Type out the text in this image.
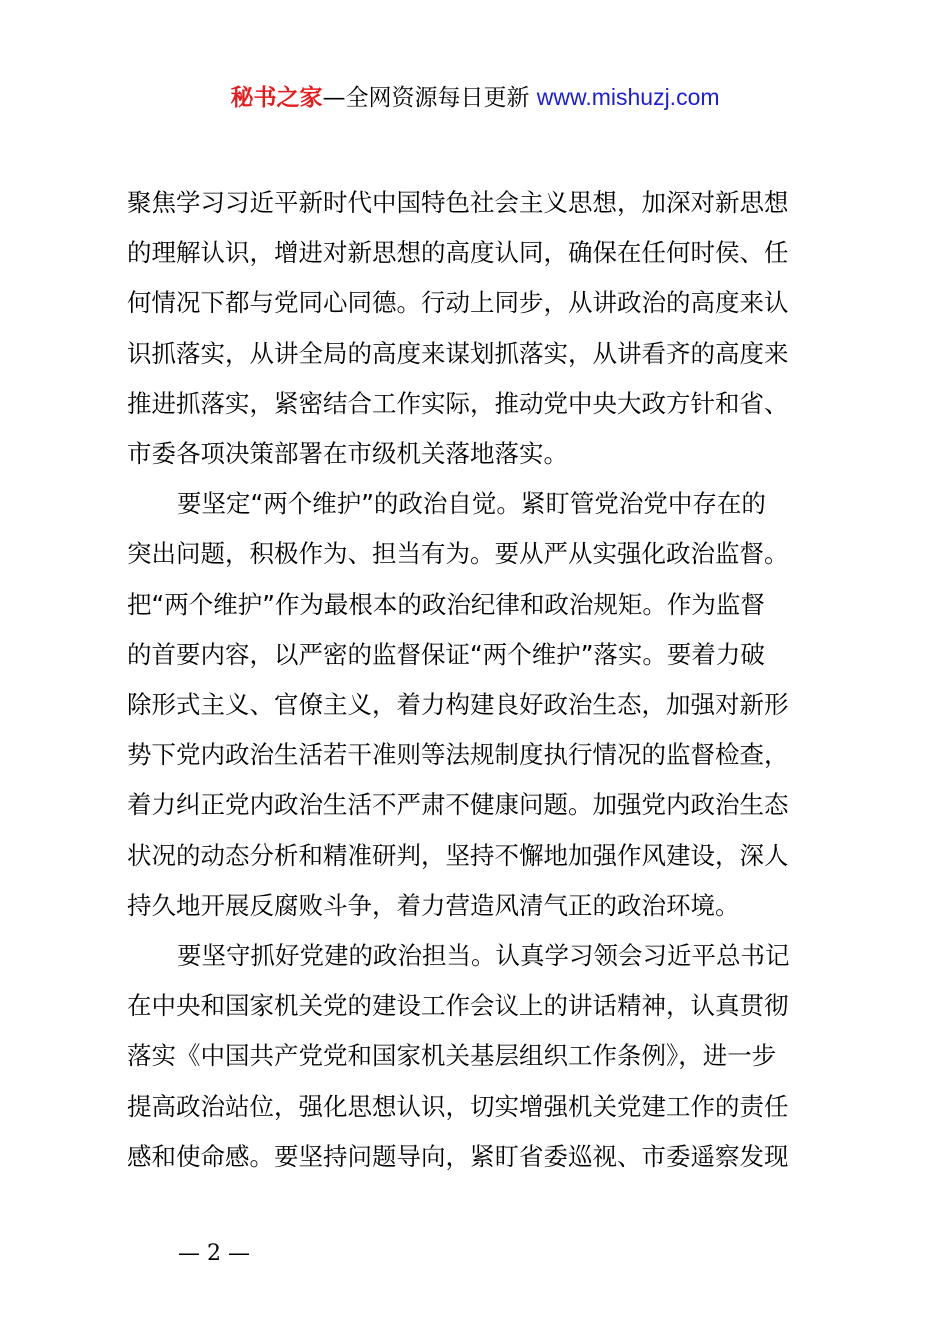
秘书之家—全网资源每日更新 www.mishuzj.com

聚焦学习习近平新时代中国特色社会主义思想，加深对新思想

的理解认识，增进对新思想的高度认同，确保在任何时侯、任

何情况下都与党同心同德。行动上同步，从讲政治的高度来认

识抓落实，从讲全局的高度来谋划抓落实，从讲看齐的高度来

推进抓落实，紧密结合工作实际，推动党中央大政方针和省、

市委各项决策部署在市级机关落地落实。

要坚定“两个维护”的政治自觉。紧盯管党治党中存在的

突出问题，积极作为、担当有为。要从严从实强化政治监督。

把“两个维护”作为最根本的政治纪律和政治规矩。作为监督

的首要内容，以严密的监督保证“两个维护”落实。要着力破

除形式主义、官僚主义，着力构建良好政治生态，加强对新形

势下党内政治生活若干准则等法规制度执行情况的监督检查，

着力纠正党内政治生活不严肃不健康问题。加强党内政治生态

状况的动态分析和精准研判，坚持不懈地加强作风建设，深人

持久地开展反腐败斗争，着力营造风清气正的政治环境。

要坚守抓好党建的政治担当。认真学习领会习近平总书记

在中央和国家机关党的建设工作会议上的讲话精神，认真贯彻

落实《中国共产党党和国家机关基层组织工作条例》，进一步

提高政治站位，强化思想认识，切实增强机关党建工作的责任

感和使命感。要坚持问题导向，紧盯省委巡视、市委遥察发现

— 2 —
